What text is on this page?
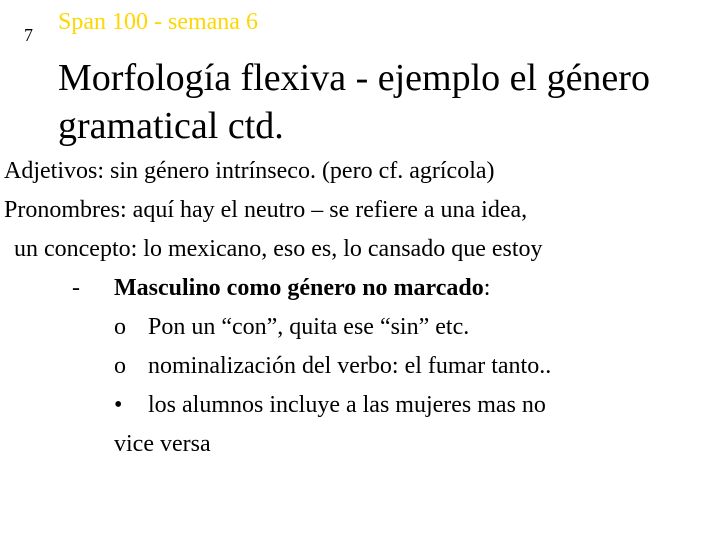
7 Span 100 - semana 6
Morfología flexiva - ejemplo el género gramatical ctd.
Adjetivos: sin género intrínseco. (pero cf. agrícola)
Pronombres: aquí hay el neutro – se refiere a una idea,
un concepto: lo mexicano, eso es, lo cansado que estoy
- Masculino como género no marcado:
o Pon un “con”, quita ese “sin” etc.
o nominalización del verbo: el fumar tanto..
• los alumnos incluye a las mujeres mas no
vice versa
